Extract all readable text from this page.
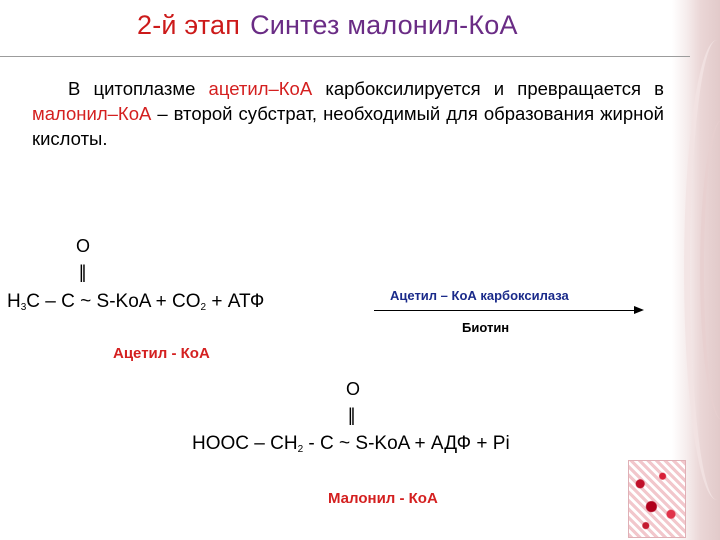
2-й этап Синтез малонил-КоА
В цитоплазме ацетил–КоА карбоксилируется и превращается в малонил–КоА – второй субстрат, необходимый для образования жирной кислоты.
O
||
$H_3C$ – C ~ $S-KoA + CO_2$ + АТФ
Ацетил - КоА
Ацетил – КоА карбоксилаза
Биотин
O
||
HOOC – $CH_2$ - C ~ S-KoA + АДФ + Pi
Малонил - КоА
